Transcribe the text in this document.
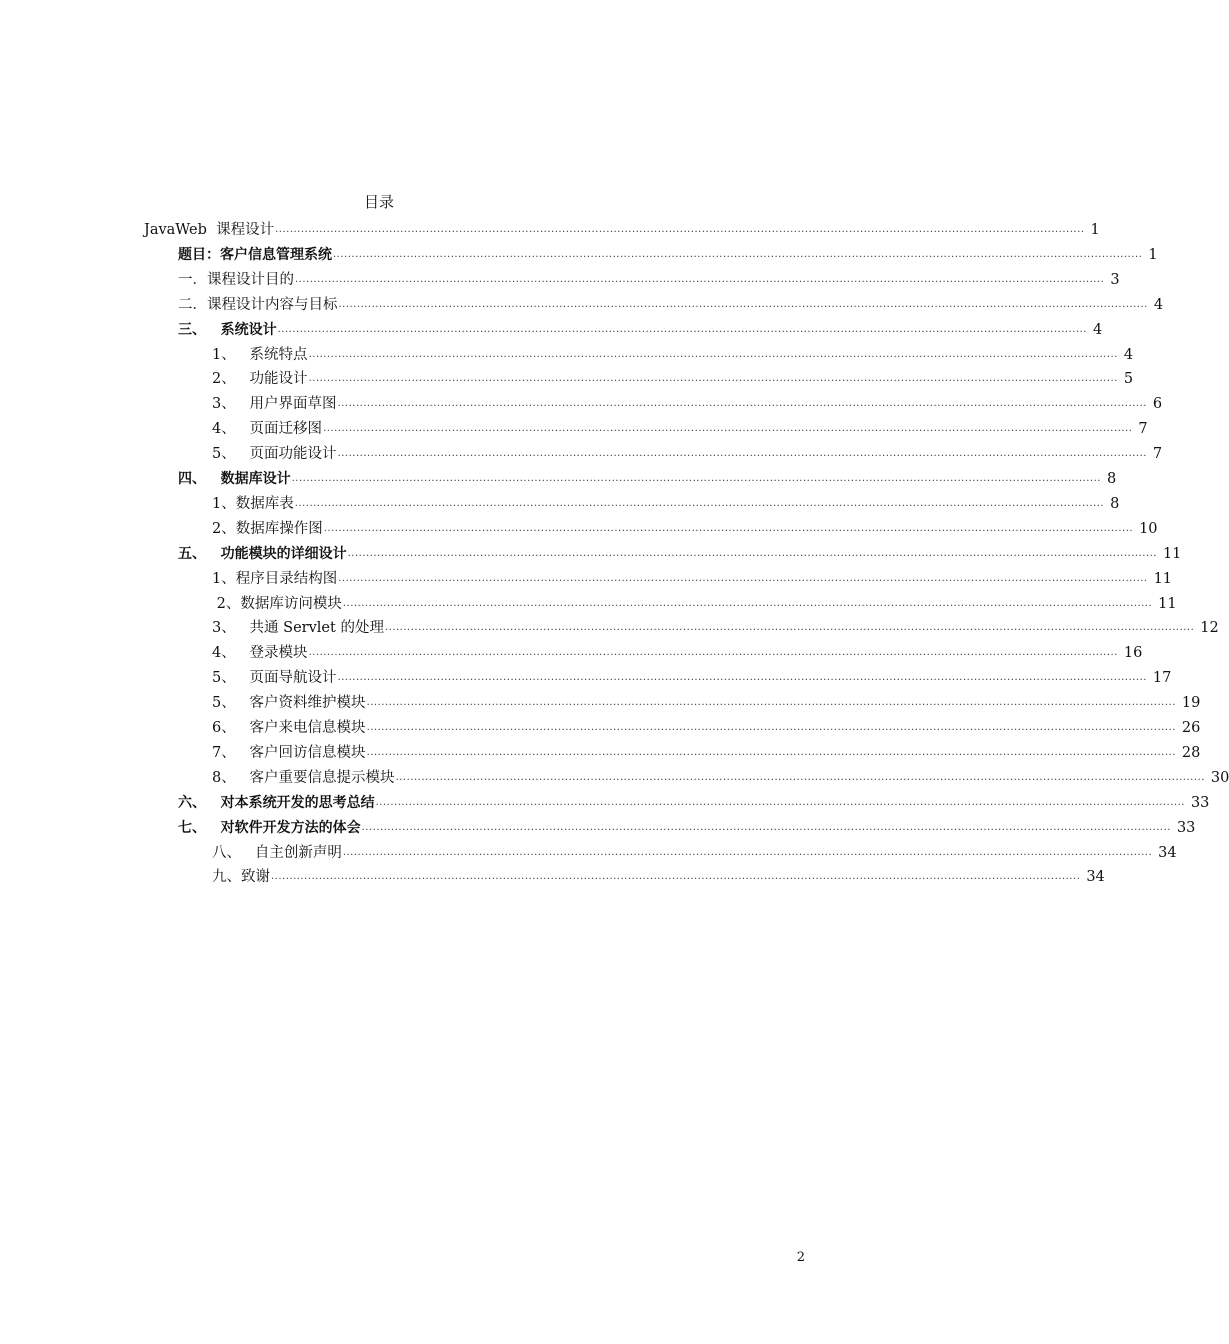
目录
JavaWeb  课程设计 ............................................................................................................................................................................................................................ 1
题目：客户信息管理系统 ............................................................................................................................................................................................................................ 1
一．课程设计目的 ............................................................................................................................................................................................................................ 3
二．课程设计内容与目标 ............................................................................................................................................................................................................................ 4
三、   系统设计 ............................................................................................................................................................................................................................ 4
1、   系统特点 ............................................................................................................................................................................................................................ 4
2、   功能设计 ............................................................................................................................................................................................................................ 5
3、   用户界面草图 ............................................................................................................................................................................................................................ 6
4、   页面迁移图 ............................................................................................................................................................................................................................ 7
5、   页面功能设计 ............................................................................................................................................................................................................................ 7
四、   数据库设计 ............................................................................................................................................................................................................................ 8
1、数据库表 ............................................................................................................................................................................................................................ 8
2、数据库操作图 ............................................................................................................................................................................................................................ 10
五、   功能模块的详细设计 ............................................................................................................................................................................................................................ 11
1、程序目录结构图 ............................................................................................................................................................................................................................ 11
2、数据库访问模块 ............................................................................................................................................................................................................................ 11
3、   共通 Servlet 的处理 ............................................................................................................................................................................................................................ 12
4、   登录模块 ............................................................................................................................................................................................................................ 16
5、   页面导航设计 ............................................................................................................................................................................................................................ 17
5、   客户资料维护模块 ............................................................................................................................................................................................................................ 19
6、   客户来电信息模块 ............................................................................................................................................................................................................................ 26
7、   客户回访信息模块 ............................................................................................................................................................................................................................ 28
8、   客户重要信息提示模块 ............................................................................................................................................................................................................................ 30
六、   对本系统开发的思考总结 ............................................................................................................................................................................................................................ 33
七、   对软件开发方法的体会 ............................................................................................................................................................................................................................ 33
八、   自主创新声明 ............................................................................................................................................................................................................................ 34
九、致谢 ............................................................................................................................................................................................................................ 34
2
